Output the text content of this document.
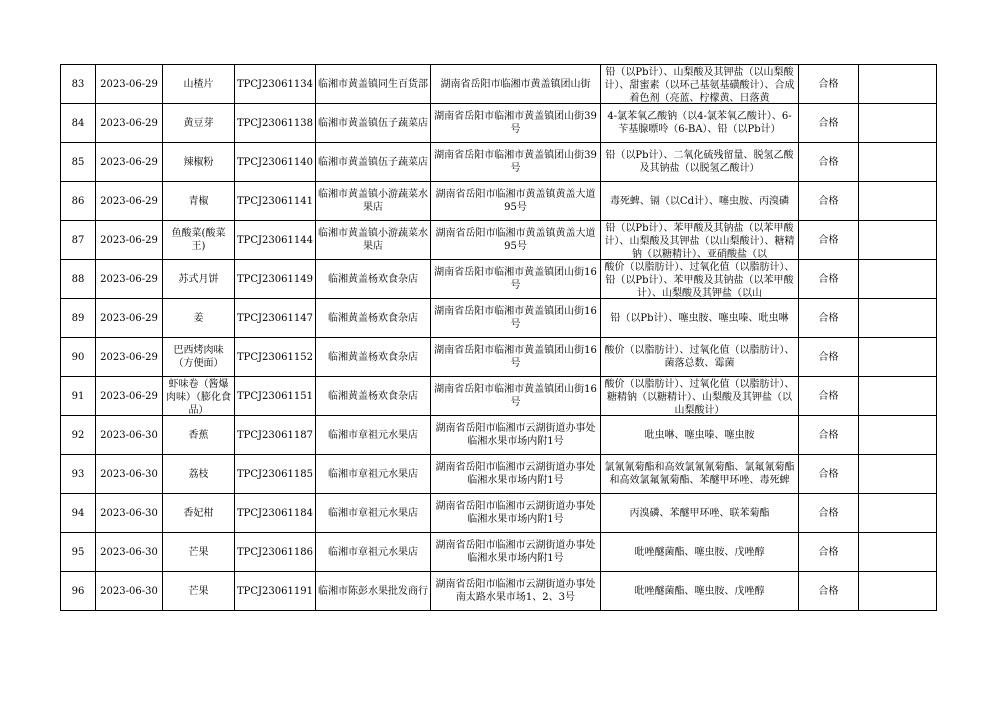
83	2023-06-29	山楂片	TPCJ23061134	临湘市黄盖镇同生百货部	湖南省岳阳市临湘市黄盖镇团山街	铅（以Pb计）、山梨酸及其钾盐（以山梨酸计）、甜蜜素（以环己基氨基磺酸计）、合成着色剂（亮蓝、柠檬黄、日落黄	合格	

84	2023-06-29	黄豆芽	TPCJ23061138	临湘市黄盖镇伍子蔬菜店	湖南省岳阳市临湘市黄盖镇团山街39号	4-氯苯氧乙酸钠（以4-氯苯氧乙酸计）、6-苄基腺嘌呤（6-BA）、铅（以Pb计）	合格	

85	2023-06-29	辣椒粉	TPCJ23061140	临湘市黄盖镇伍子蔬菜店	湖南省岳阳市临湘市黄盖镇团山街39号	铅（以Pb计）、二氧化硫残留量、脱氢乙酸及其钠盐（以脱氢乙酸计）	合格	

86	2023-06-29	青椒	TPCJ23061141	临湘市黄盖镇小游蔬菜水果店	湖南省岳阳市临湘市黄盖镇黄盖大道95号	毒死蜱、镉（以Cd计）、噻虫胺、丙溴磷	合格	

87	2023-06-29	鱼酸菜(酸菜王)	TPCJ23061144	临湘市黄盖镇小游蔬菜水果店	湖南省岳阳市临湘市黄盖镇黄盖大道95号	铅（以Pb计）、苯甲酸及其钠盐（以苯甲酸计）、山梨酸及其钾盐（以山梨酸计）、糖精钠（以糖精计）、亚硝酸盐（以	合格	

88	2023-06-29	苏式月饼	TPCJ23061149	临湘黄盖杨欢食杂店	湖南省岳阳市临湘市黄盖镇团山街16号	酸价（以脂肪计）、过氧化值（以脂肪计）、铅（以Pb计）、苯甲酸及其钠盐（以苯甲酸计）、山梨酸及其钾盐（以山	合格	

89	2023-06-29	姜	TPCJ23061147	临湘黄盖杨欢食杂店	湖南省岳阳市临湘市黄盖镇团山街16号	铅（以Pb计）、噻虫胺、噻虫嗪、吡虫啉	合格	

90	2023-06-29	巴西烤肉味（方便面）	TPCJ23061152	临湘黄盖杨欢食杂店	湖南省岳阳市临湘市黄盖镇团山街16号	酸价（以脂肪计）、过氧化值（以脂肪计）、菌落总数、霉菌	合格	

91	2023-06-29	虾味卷（酱爆肉味）（膨化食品）	TPCJ23061151	临湘黄盖杨欢食杂店	湖南省岳阳市临湘市黄盖镇团山街16号	酸价（以脂肪计）、过氧化值（以脂肪计）、糖精钠（以糖精计）、山梨酸及其钾盐（以山梨酸计）	合格	

92	2023-06-30	香蕉	TPCJ23061187	临湘市章祖元水果店	湖南省岳阳市临湘市云湖街道办事处临湘水果市场内附1号	吡虫啉、噻虫嗪、噻虫胺	合格	

93	2023-06-30	荔枝	TPCJ23061185	临湘市章祖元水果店	湖南省岳阳市临湘市云湖街道办事处临湘水果市场内附1号	氯氰氰菊酯和高效氯氰氰菊酯、氯氟氰菊酯和高效氯氟氰菊酯、苯醚甲环唑、毒死蜱	合格	

94	2023-06-30	香妃柑	TPCJ23061184	临湘市章祖元水果店	湖南省岳阳市临湘市云湖街道办事处临湘水果市场内附1号	丙溴磷、苯醚甲环唑、联苯菊酯	合格	

95	2023-06-30	芒果	TPCJ23061186	临湘市章祖元水果店	湖南省岳阳市临湘市云湖街道办事处临湘水果市场内附1号	吡唑醚菌酯、噻虫胺、戊唑醇	合格	

96	2023-06-30	芒果	TPCJ23061191	临湘市陈彭水果批发商行	湖南省岳阳市临湘市云湖街道办事处南太路水果市场1、2、3号	吡唑醚菌酯、噻虫胺、戊唑醇	合格	
